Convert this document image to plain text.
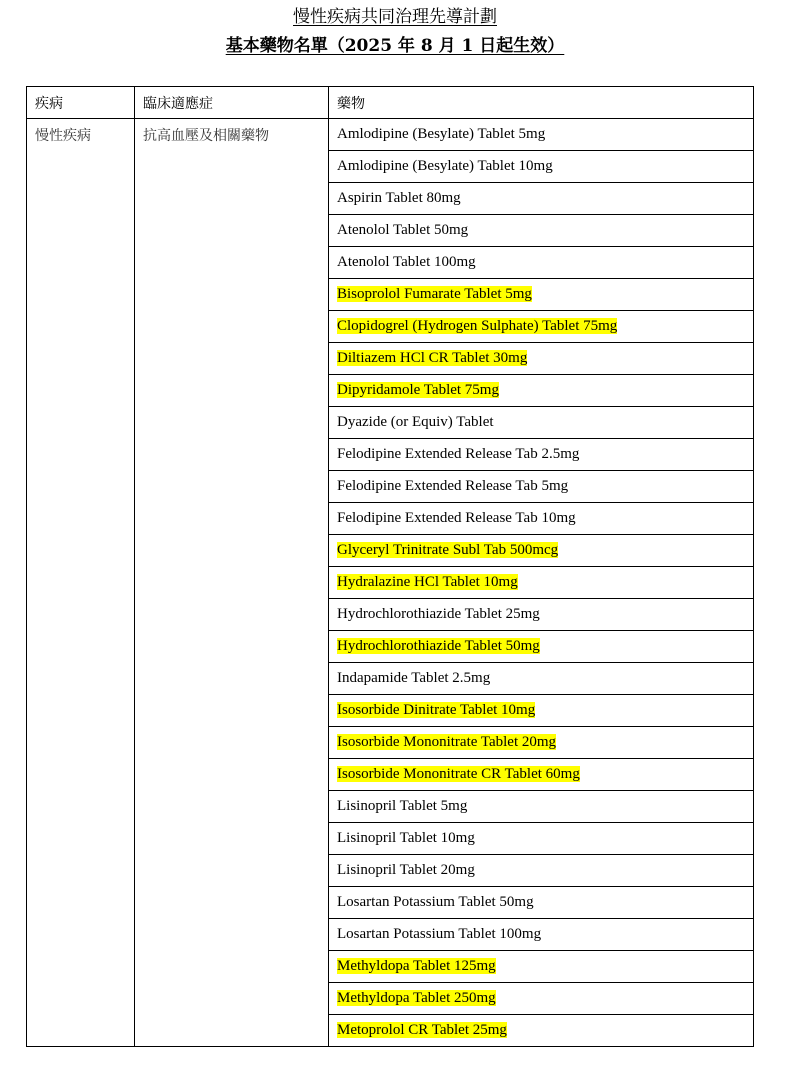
慢性疾病共同治理先導計劃
基本藥物名單（2025 年 8 月 1 日起生效）
疾病	臨床適應症	藥物
慢性疾病	抗高血壓及相關藥物	Amlodipine (Besylate) Tablet 5mg
		Amlodipine (Besylate) Tablet 10mg
		Aspirin Tablet 80mg
		Atenolol Tablet 50mg
		Atenolol Tablet 100mg
		Bisoprolol Fumarate Tablet 5mg
		Clopidogrel (Hydrogen Sulphate) Tablet 75mg
		Diltiazem HCl CR Tablet 30mg
		Dipyridamole Tablet 75mg
		Dyazide (or Equiv) Tablet
		Felodipine Extended Release Tab 2.5mg
		Felodipine Extended Release Tab 5mg
		Felodipine Extended Release Tab 10mg
		Glyceryl Trinitrate Subl Tab 500mcg
		Hydralazine HCl Tablet 10mg
		Hydrochlorothiazide Tablet 25mg
		Hydrochlorothiazide Tablet 50mg
		Indapamide Tablet 2.5mg
		Isosorbide Dinitrate Tablet 10mg
		Isosorbide Mononitrate Tablet 20mg
		Isosorbide Mononitrate CR Tablet 60mg
		Lisinopril Tablet 5mg
		Lisinopril Tablet 10mg
		Lisinopril Tablet 20mg
		Losartan Potassium Tablet 50mg
		Losartan Potassium Tablet 100mg
		Methyldopa Tablet 125mg
		Methyldopa Tablet 250mg
		Metoprolol CR Tablet 25mg
